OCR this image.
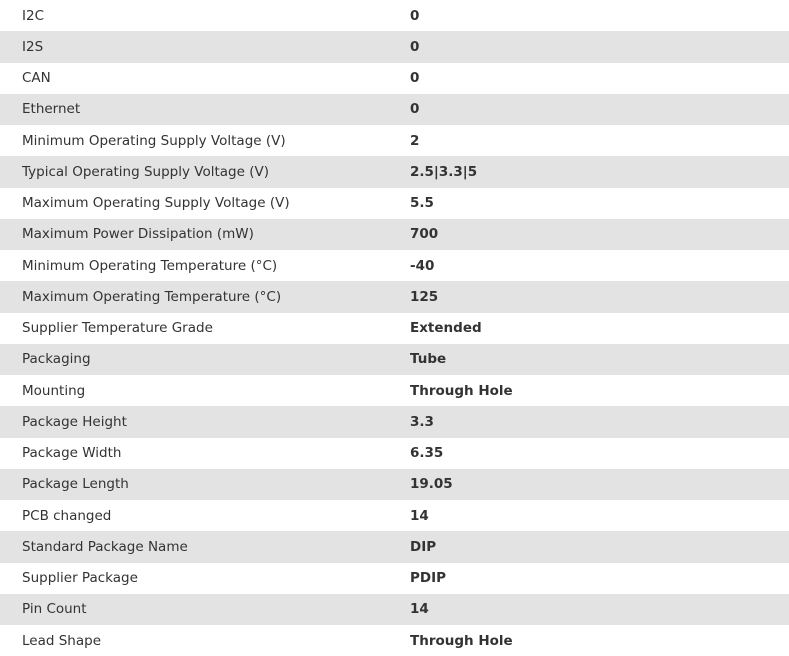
I2C	0
I2S	0
CAN	0
Ethernet	0
Minimum Operating Supply Voltage (V)	2
Typical Operating Supply Voltage (V)	2.5|3.3|5
Maximum Operating Supply Voltage (V)	5.5
Maximum Power Dissipation (mW)	700
Minimum Operating Temperature (°C)	-40
Maximum Operating Temperature (°C)	125
Supplier Temperature Grade	Extended
Packaging	Tube
Mounting	Through Hole
Package Height	3.3
Package Width	6.35
Package Length	19.05
PCB changed	14
Standard Package Name	DIP
Supplier Package	PDIP
Pin Count	14
Lead Shape	Through Hole
